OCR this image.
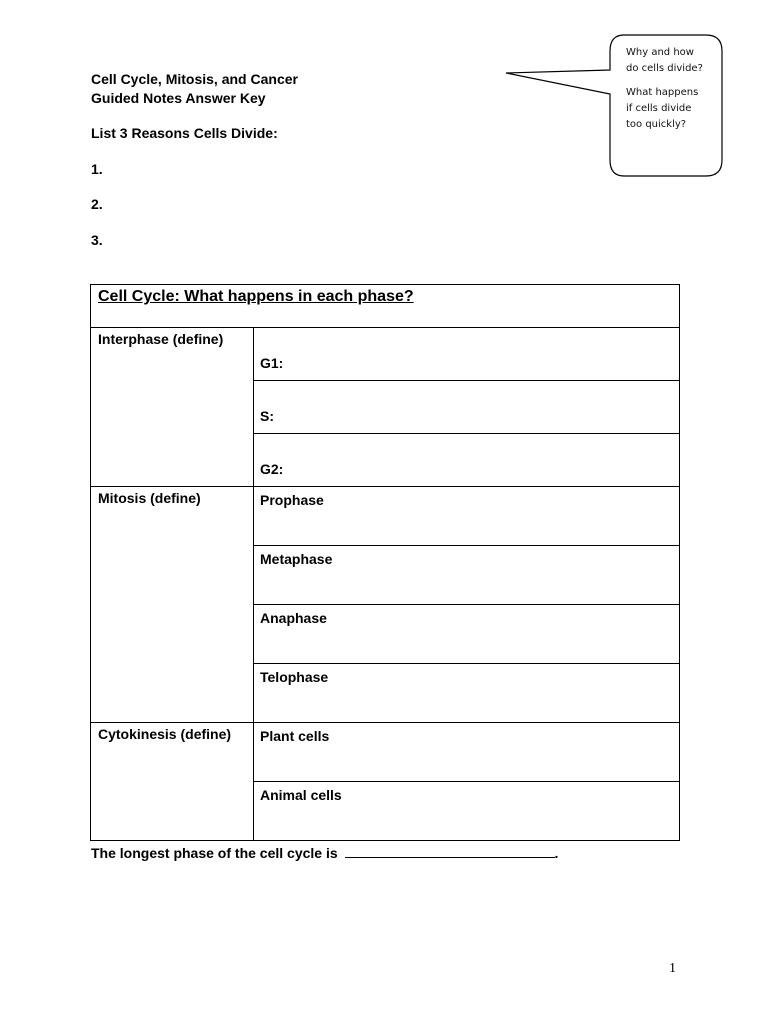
Cell Cycle, Mitosis, and Cancer
Guided Notes Answer Key
List 3 Reasons Cells Divide:
1.
2.
3.

Why and how
do cells divide?

What happens
if cells divide
too quickly?

Cell Cycle: What happens in each phase?	
Interphase (define)	G1:
	S:
	G2:
Mitosis (define)	Prophase
	Metaphase
	Anaphase
	Telophase
Cytokinesis (define)	Plant cells
	Animal cells
The longest phase of the cell cycle is	.
1
